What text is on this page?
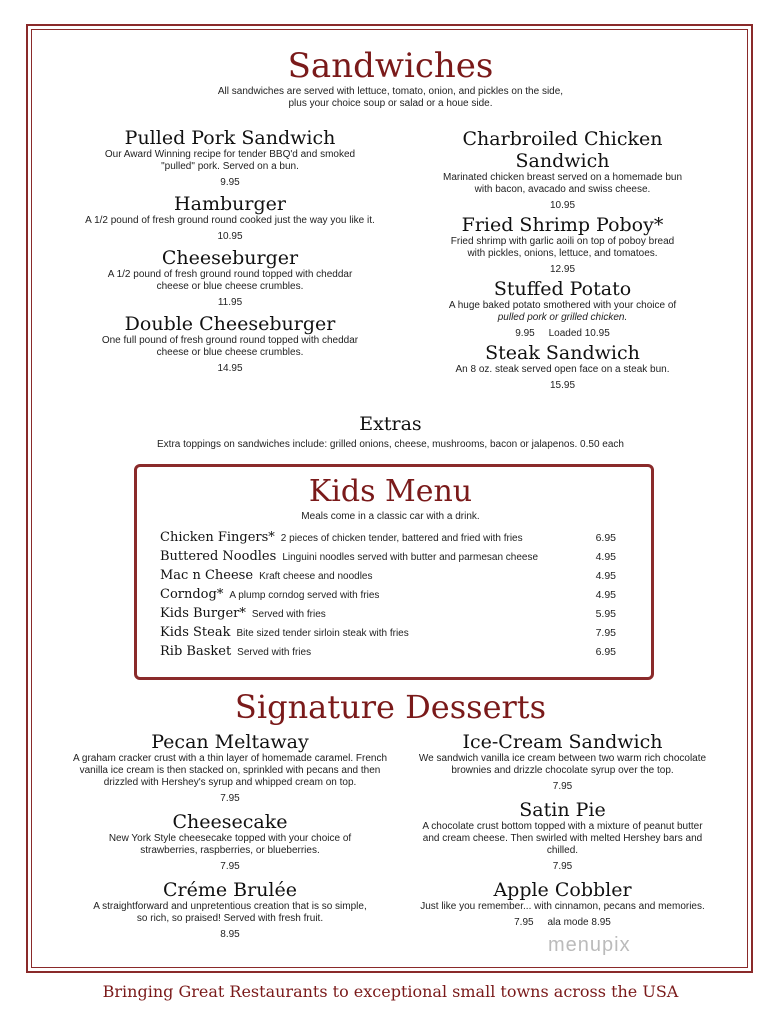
Sandwiches
All sandwiches are served with lettuce, tomato, onion, and pickles on the side,
plus your choice soup or salad or a houe side.
Pulled Pork Sandwich
Our Award Winning recipe for tender BBQ'd and smoked
"pulled" pork. Served on a bun.
9.95
Hamburger
A 1/2 pound of fresh ground round cooked just the way you like it.
10.95
Cheeseburger
A 1/2 pound of fresh ground round topped with cheddar
cheese or blue cheese crumbles.
11.95
Double Cheeseburger
One full pound of fresh ground round topped with cheddar
cheese or blue cheese crumbles.
14.95
Charbroiled Chicken
Sandwich
Marinated chicken breast served on a homemade bun
with bacon, avacado and swiss cheese.
10.95
Fried Shrimp Poboy*
Fried shrimp with garlic aoili on top of poboy bread
with pickles, onions, lettuce, and tomatoes.
12.95
Stuffed Potato
A huge baked potato smothered with your choice of
pulled pork or grilled chicken.
9.95     Loaded 10.95
Steak Sandwich
An 8 oz. steak served open face on a steak bun.
15.95
Extras
Extra toppings on sandwiches include: grilled onions, cheese, mushrooms, bacon or jalapenos. 0.50 each
Kids Menu
Meals come in a classic car with a drink.
Chicken Fingers* 2 pieces of chicken tender, battered and fried with fries	6.95
Buttered Noodles Linguini noodles served with butter and parmesan cheese	4.95
Mac n Cheese Kraft cheese and noodles	4.95
Corndog* A plump corndog served with fries	4.95
Kids Burger* Served with fries	5.95
Kids Steak Bite sized tender sirloin steak with fries	7.95
Rib Basket Served with fries	6.95
Signature Desserts
Pecan Meltaway
A graham cracker crust with a thin layer of homemade caramel. French
vanilla ice cream is then stacked on, sprinkled with pecans and then
drizzled with Hershey's syrup and whipped cream on top.
7.95
Cheesecake
New York Style cheesecake topped with your choice of
strawberries, raspberries, or blueberries.
7.95
Créme Brulée
A straightforward and unpretentious creation that is so simple,
so rich, so praised! Served with fresh fruit.
8.95
Ice-Cream Sandwich
We sandwich vanilla ice cream between two warm rich chocolate
brownies and drizzle chocolate syrup over the top.
7.95
Satin Pie
A chocolate crust bottom topped with a mixture of peanut butter
and cream cheese. Then swirled with melted Hershey bars and
chilled.
7.95
Apple Cobbler
Just like you remember... with cinnamon, pecans and memories.
7.95     ala mode 8.95
menupix
Bringing Great Restaurants to exceptional small towns across the USA
